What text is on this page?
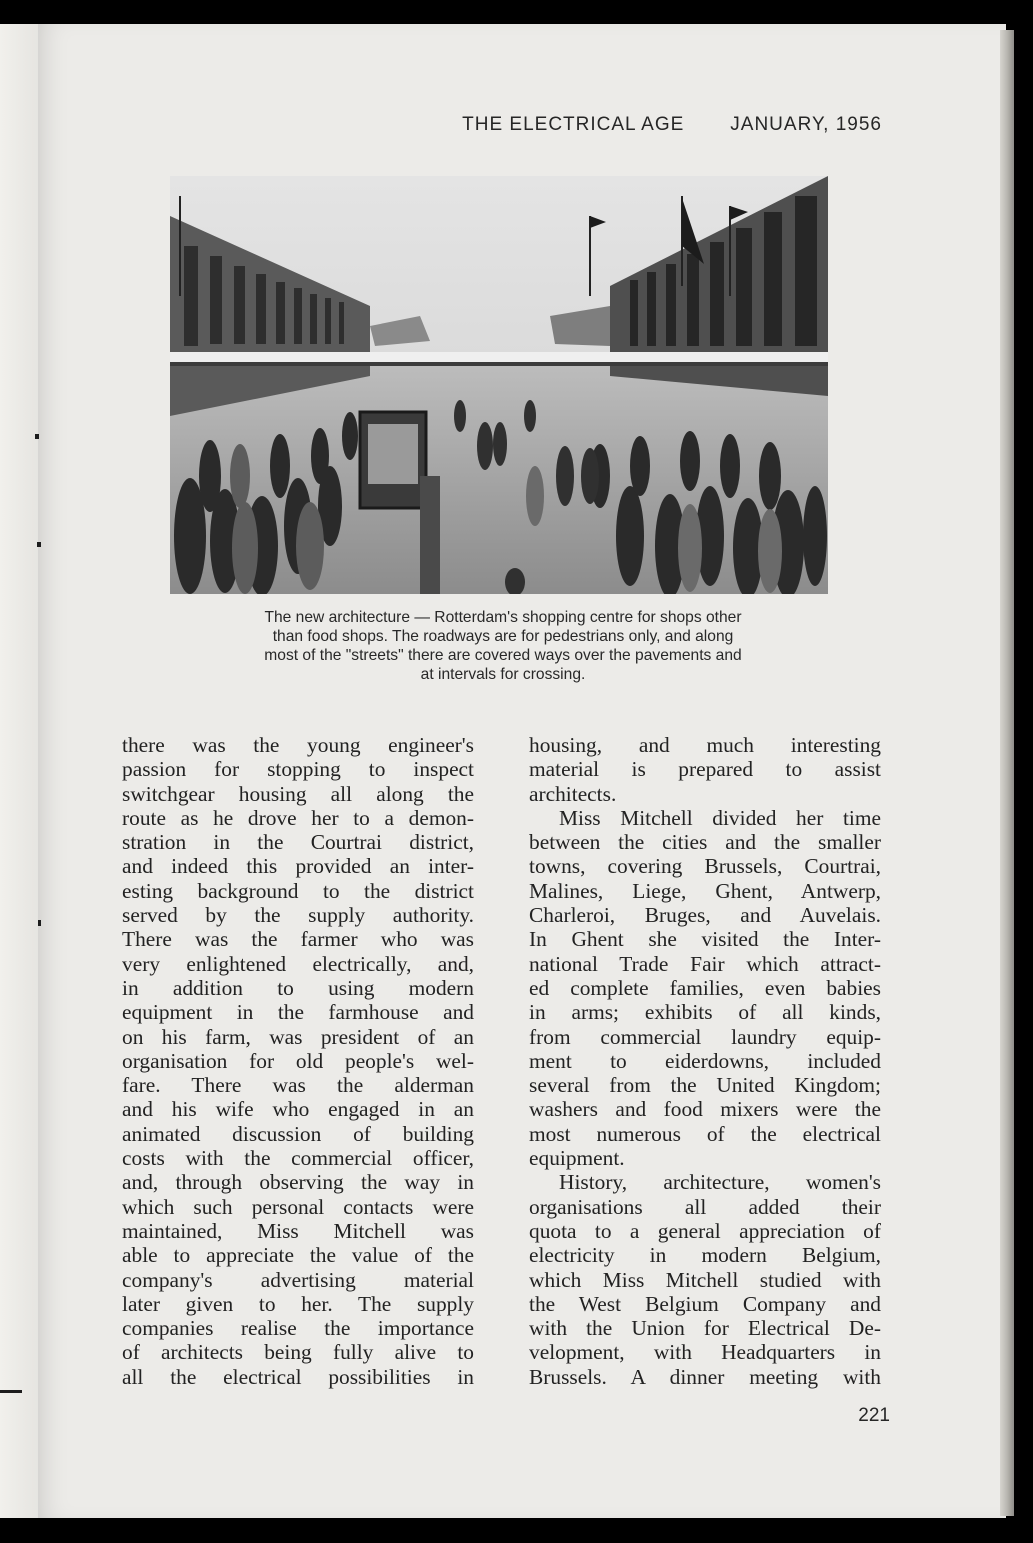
THE ELECTRICAL AGE JANUARY, 1956
The new architecture — Rotterdam's shopping centre for shops other
than food shops. The roadways are for pedestrians only, and along
most of the "streets" there are covered ways over the pavements and
at intervals for crossing.
there was the young engineer's
passion for stopping to inspect
switchgear housing all along the
route as he drove her to a demon-
stration in the Courtrai district,
and indeed this provided an inter-
esting background to the district
served by the supply authority.
There was the farmer who was
very enlightened electrically, and,
in addition to using modern
equipment in the farmhouse and
on his farm, was president of an
organisation for old people's wel-
fare. There was the alderman
and his wife who engaged in an
animated discussion of building
costs with the commercial officer,
and, through observing the way in
which such personal contacts were
maintained, Miss Mitchell was
able to appreciate the value of the
company's advertising material
later given to her. The supply
companies realise the importance
of architects being fully alive to
all the electrical possibilities in
housing, and much interesting
material is prepared to assist
architects.
Miss Mitchell divided her time
between the cities and the smaller
towns, covering Brussels, Courtrai,
Malines, Liege, Ghent, Antwerp,
Charleroi, Bruges, and Auvelais.
In Ghent she visited the Inter-
national Trade Fair which attract-
ed complete families, even babies
in arms; exhibits of all kinds,
from commercial laundry equip-
ment to eiderdowns, included
several from the United Kingdom;
washers and food mixers were the
most numerous of the electrical
equipment.
History, architecture, women's
organisations all added their
quota to a general appreciation of
electricity in modern Belgium,
which Miss Mitchell studied with
the West Belgium Company and
with the Union for Electrical De-
velopment, with Headquarters in
Brussels. A dinner meeting with
221
